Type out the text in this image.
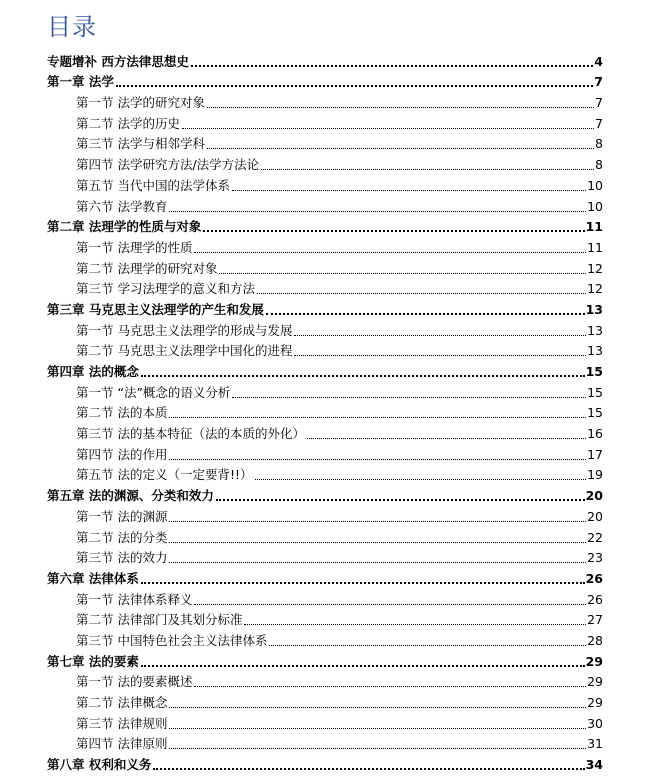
目录
专题增补 西方法律思想史	4
第一章 法学	7
第一节 法学的研究对象	7
第二节 法学的历史	7
第三节 法学与相邻学科	8
第四节 法学研究方法/法学方法论	8
第五节 当代中国的法学体系	10
第六节 法学教育	10
第二章 法理学的性质与对象	11
第一节 法理学的性质	11
第二节 法理学的研究对象	12
第三节 学习法理学的意义和方法	12
第三章 马克思主义法理学的产生和发展	13
第一节 马克思主义法理学的形成与发展	13
第二节 马克思主义法理学中国化的进程	13
第四章 法的概念	15
第一节 “法”概念的语义分析	15
第二节 法的本质	15
第三节 法的基本特征（法的本质的外化）	16
第四节 法的作用	17
第五节 法的定义（一定要背!!）	19
第五章 法的渊源、分类和效力	20
第一节 法的渊源	20
第二节 法的分类	22
第三节 法的效力	23
第六章 法律体系	26
第一节 法律体系释义	26
第二节 法律部门及其划分标准	27
第三节 中国特色社会主义法律体系	28
第七章 法的要素	29
第一节 法的要素概述	29
第二节 法律概念	29
第三节 法律规则	30
第四节 法律原则	31
第八章 权利和义务	34
